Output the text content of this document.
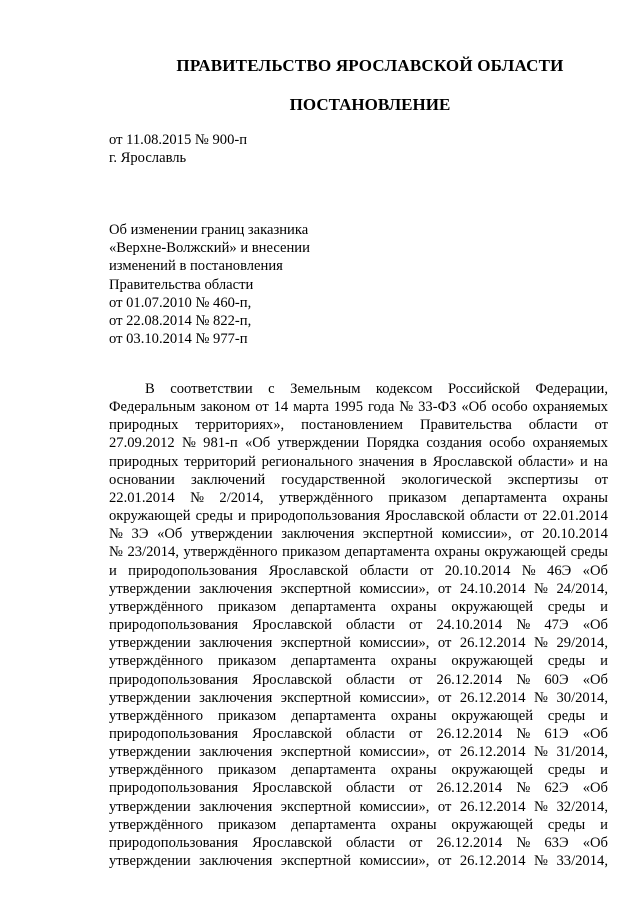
ПРАВИТЕЛЬСТВО ЯРОСЛАВСКОЙ ОБЛАСТИ
ПОСТАНОВЛЕНИЕ
от 11.08.2015 № 900-п
г. Ярославль
Об изменении границ заказника
«Верхне-Волжский» и внесении
изменений в постановления
Правительства области
от 01.07.2010 № 460-п,
от 22.08.2014 № 822-п,
от 03.10.2014 № 977-п
В соответствии с Земельным кодексом Российской Федерации,
Федеральным законом от 14 марта 1995 года № 33-ФЗ «Об особо охраняемых
природных территориях», постановлением Правительства области от
27.09.2012 № 981-п «Об утверждении Порядка создания особо охраняемых
природных территорий регионального значения в Ярославской области» и на
основании заключений государственной экологической экспертизы от
22.01.2014 № 2/2014, утверждённого приказом департамента охраны
окружающей среды и природопользования Ярославской области от 22.01.2014
№ 3Э «Об утверждении заключения экспертной комиссии», от 20.10.2014
№ 23/2014, утверждённого приказом департамента охраны окружающей среды
и природопользования Ярославской области от 20.10.2014 № 46Э «Об
утверждении заключения экспертной комиссии», от 24.10.2014 № 24/2014,
утверждённого приказом департамента охраны окружающей среды и
природопользования Ярославской области от 24.10.2014 № 47Э «Об
утверждении заключения экспертной комиссии», от 26.12.2014 № 29/2014,
утверждённого приказом департамента охраны окружающей среды и
природопользования Ярославской области от 26.12.2014 № 60Э «Об
утверждении заключения экспертной комиссии», от 26.12.2014 № 30/2014,
утверждённого приказом департамента охраны окружающей среды и
природопользования Ярославской области от 26.12.2014 № 61Э «Об
утверждении заключения экспертной комиссии», от 26.12.2014 № 31/2014,
утверждённого приказом департамента охраны окружающей среды и
природопользования Ярославской области от 26.12.2014 № 62Э «Об
утверждении заключения экспертной комиссии», от 26.12.2014 № 32/2014,
утверждённого приказом департамента охраны окружающей среды и
природопользования Ярославской области от 26.12.2014 № 63Э «Об
утверждении заключения экспертной комиссии», от 26.12.2014 № 33/2014,
